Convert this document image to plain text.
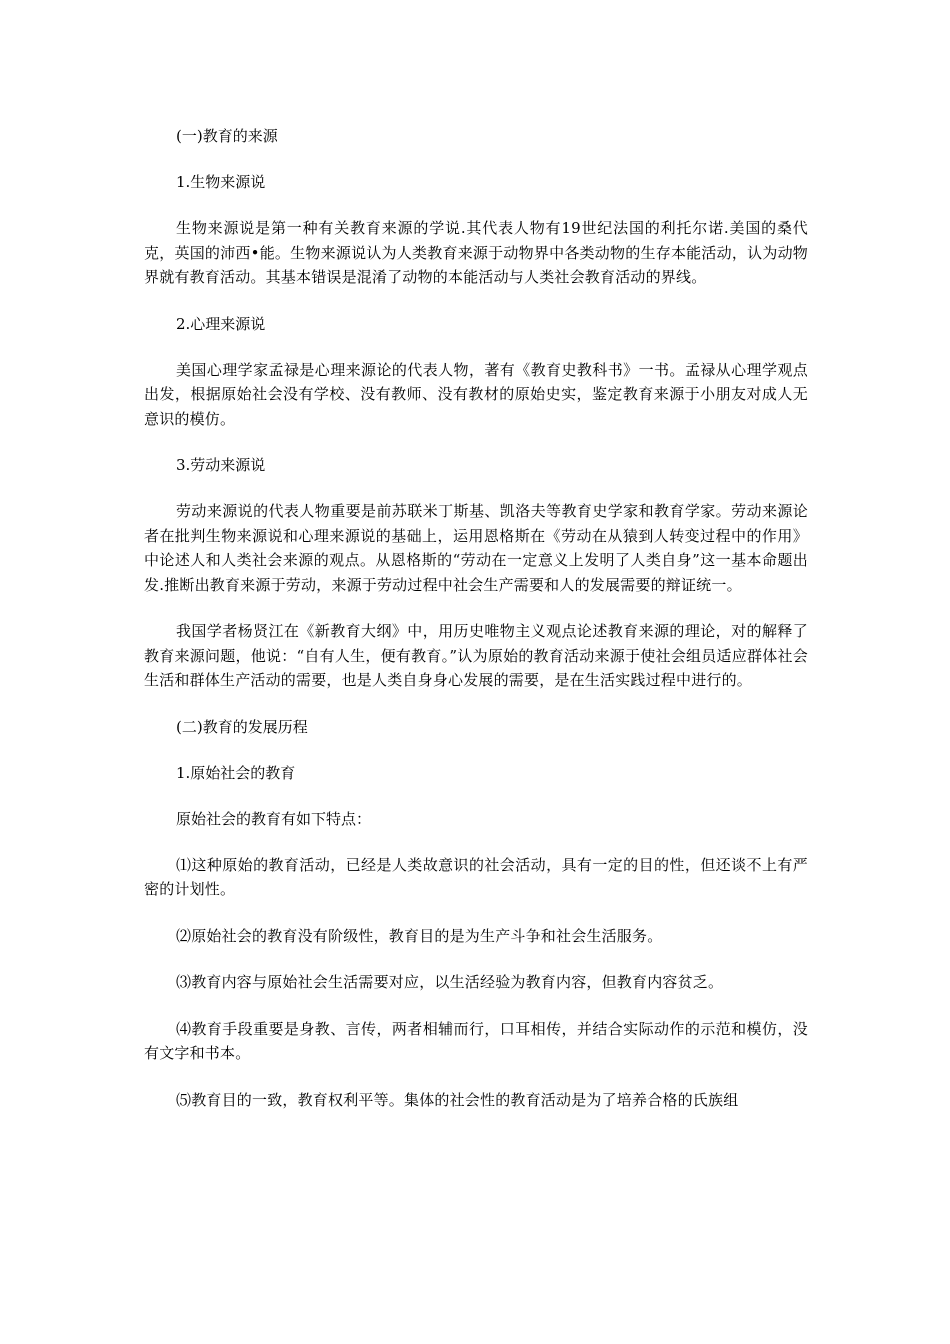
(一)教育的来源

1.生物来源说

生物来源说是第一种有关教育来源的学说.其代表人物有19世纪法国的利托尔诺.美国的桑代克，英国的沛西•能。生物来源说认为人类教育来源于动物界中各类动物的生存本能活动，认为动物界就有教育活动。其基本错误是混淆了动物的本能活动与人类社会教育活动的界线。

2.心理来源说

美国心理学家孟禄是心理来源论的代表人物，著有《教育史教科书》一书。孟禄从心理学观点出发，根据原始社会没有学校、没有教师、没有教材的原始史实，鉴定教育来源于小朋友对成人无意识的模仿。

3.劳动来源说

劳动来源说的代表人物重要是前苏联米丁斯基、凯洛夫等教育史学家和教育学家。劳动来源论者在批判生物来源说和心理来源说的基础上，运用恩格斯在《劳动在从猿到人转变过程中的作用》中论述人和人类社会来源的观点。从恩格斯的“劳动在一定意义上发明了人类自身”这一基本命题出发.推断出教育来源于劳动，来源于劳动过程中社会生产需要和人的发展需要的辩证统一。

我国学者杨贤江在《新教育大纲》中，用历史唯物主义观点论述教育来源的理论，对的解释了教育来源问题，他说：“自有人生，便有教育。”认为原始的教育活动来源于使社会组员适应群体社会生活和群体生产活动的需要，也是人类自身身心发展的需要，是在生活实践过程中进行的。

(二)教育的发展历程

1.原始社会的教育

原始社会的教育有如下特点：

⑴这种原始的教育活动，已经是人类故意识的社会活动，具有一定的目的性，但还谈不上有严密的计划性。

⑵原始社会的教育没有阶级性，教育目的是为生产斗争和社会生活服务。

⑶教育内容与原始社会生活需要对应，以生活经验为教育内容，但教育内容贫乏。

⑷教育手段重要是身教、言传，两者相辅而行，口耳相传，并结合实际动作的示范和模仿，没有文字和书本。

⑸教育目的一致，教育权利平等。集体的社会性的教育活动是为了培养合格的氏族组
